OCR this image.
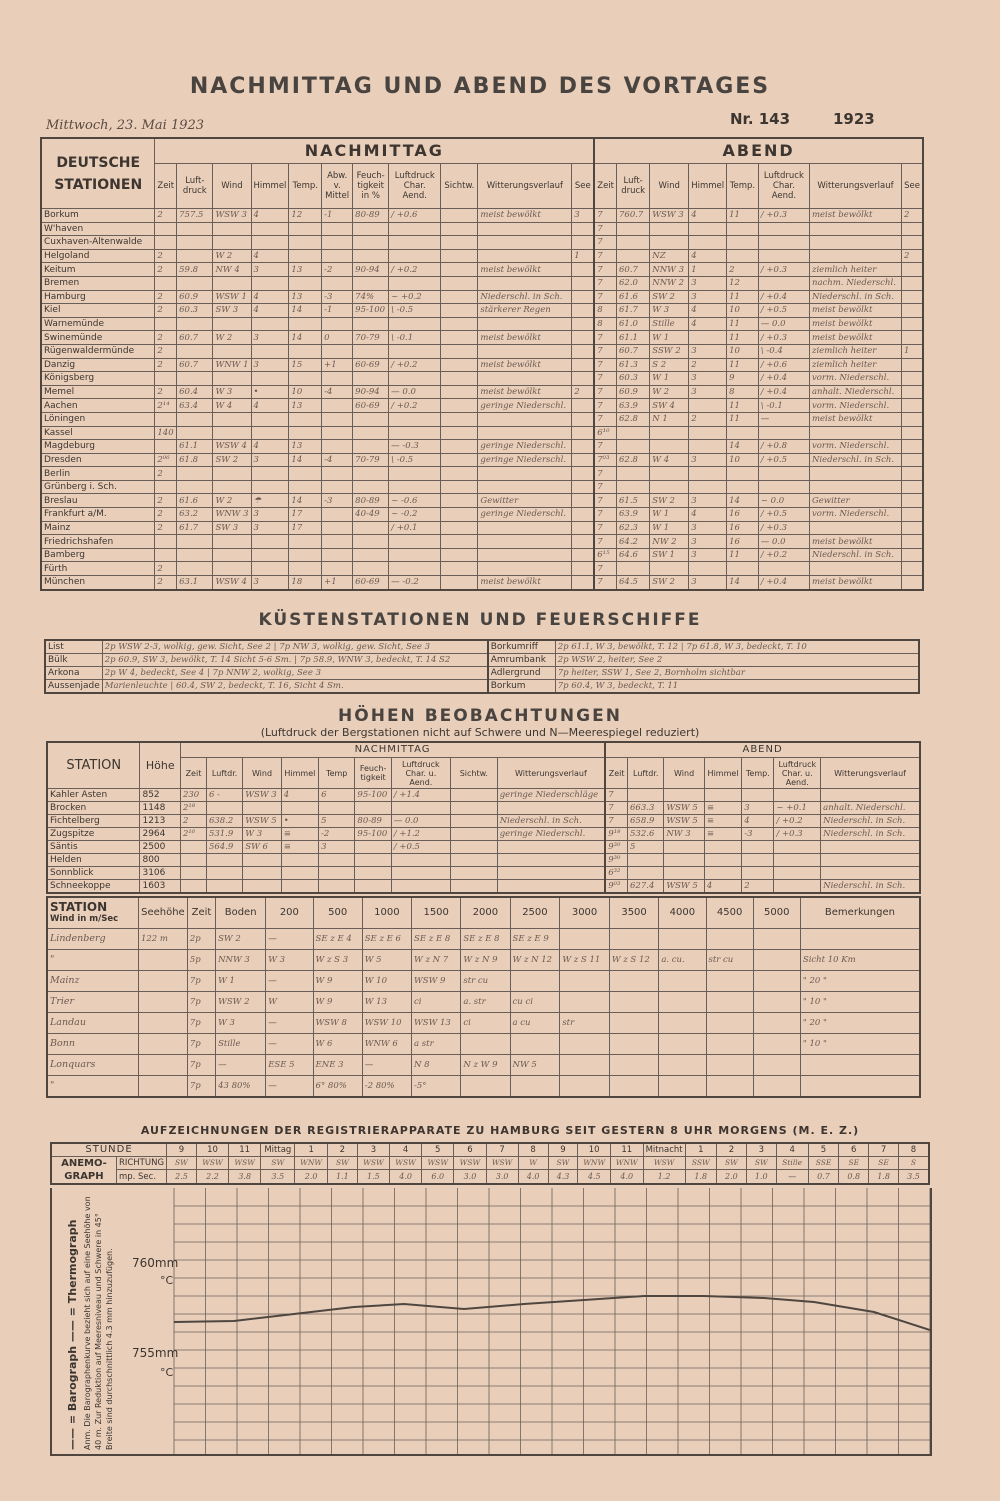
NACHMITTAG UND ABEND DES VORTAGES
Mittwoch, 23. Mai 1923	Nr. 143	1923
DEUTSCHE
STATIONEN	NACHMITTAG											ABEND							
	Zeit	Luft-druck	Wind	Himmel	Temp.	Abw. v. Mittel	Feuch-tigkeit in %	Luftdruck Char. Aend.	Sichtw.	Witterungsverlauf	See	Zeit	Luft-druck	Wind	Himmel	Temp.	Luftdruck Char. Aend.	Witterungsverlauf	See
Borkum	2	757.5	WSW 3	4	12	-1	80-89	/ +0.6		meist bewölkt	3	7	760.7	WSW 3	4	11	/ +0.3	meist bewölkt	2
W'haven												7							
Cuxhaven-Altenwalde												7							
Helgoland	2		W 2	4							1	7		NZ	4				2
Keitum	2	59.8	NW 4	3	13	-2	90-94	/ +0.2		meist bewölkt		7	60.7	NNW 3	1	2	/ +0.3	ziemlich heiter	
Bremen												7	62.0	NNW 2	3	12		nachm. Niederschl.	
Hamburg	2	60.9	WSW 1	4	13	-3	74%	~ +0.2		Niederschl. in Sch.		7	61.6	SW 2	3	11	/ +0.4	Niederschl. in Sch.	
Kiel	2	60.3	SW 3	4	14	-1	95-100	\ -0.5		stärkerer Regen		8	61.7	W 3	4	10	/ +0.5	meist bewölkt	
Warnemünde												8	61.0	Stille	4	11	— 0.0	meist bewölkt	
Swinemünde	2	60.7	W 2	3	14	0	70-79	\ -0.1		meist bewölkt		7	61.1	W 1		11	/ +0.3	meist bewölkt	
Rügenwaldermünde	2											7	60.7	SSW 2	3	10	\ -0.4	ziemlich heiter	1
Danzig	2	60.7	WNW 1	3	15	+1	60-69	/ +0.2		meist bewölkt		7	61.3	S 2	2	11	/ +0.6	ziemlich heiter	
Königsberg												7	60.3	W 1	3	9	/ +0.4	vorm. Niederschl.	
Memel	2	60.4	W 3	•	10	-4	90-94	— 0.0		meist bewölkt	2	7	60.9	W 2	3	8	/ +0.4	anhalt. Niederschl.	
Aachen	2¹⁴	63.4	W 4	4	13		60-69	/ +0.2		geringe Niederschl.		7	63.9	SW 4		11	\ -0.1	vorm. Niederschl.	
Löningen												7	62.8	N 1	2	11	—	meist bewölkt	
Kassel	140											6¹⁰							
Magdeburg		61.1	WSW 4	4	13			— -0.3		geringe Niederschl.		7				14	/ +0.8	vorm. Niederschl.	
Dresden	2⁰⁶	61.8	SW 2	3	14	-4	70-79	\ -0.5		geringe Niederschl.		7⁰³	62.8	W 4	3	10	/ +0.5	Niederschl. in Sch.	
Berlin	2											7							
Grünberg i. Sch.												7							
Breslau	2	61.6	W 2	☂	14	-3	80-89	~ -0.6		Gewitter		7	61.5	SW 2	3	14	~ 0.0	Gewitter	
Frankfurt a/M.	2	63.2	WNW 3	3	17		40-49	~ -0.2		geringe Niederschl.		7	63.9	W 1	4	16	/ +0.5	vorm. Niederschl.	
Mainz	2	61.7	SW 3	3	17			/ +0.1				7	62.3	W 1	3	16	/ +0.3		
Friedrichshafen												7	64.2	NW 2	3	16	— 0.0	meist bewölkt	
Bamberg												6¹⁵	64.6	SW 1	3	11	/ +0.2	Niederschl. in Sch.	
Fürth	2											7							
München	2	63.1	WSW 4	3	18	+1	60-69	— -0.2		meist bewölkt		7	64.5	SW 2	3	14	/ +0.4	meist bewölkt	
KÜSTENSTATIONEN UND FEUERSCHIFFE
List	2p WSW 2-3, wolkig, gew. Sicht, See 2 | 7p NW 3, wolkig, gew. Sicht, See 3	Borkumriff	2p 61.1, W 3, bewölkt, T. 12 | 7p 61.8, W 3, bedeckt, T. 10
Bülk	2p 60.9, SW 3, bewölkt, T. 14 Sicht 5-6 Sm. | 7p 58.9, WNW 3, bedeckt, T. 14 S2	Amrumbank	2p WSW 2, heiter, See 2
Arkona	2p W 4, bedeckt, See 4 | 7p NNW 2, wolkig, See 3	Adlergrund	7p heiter, SSW 1, See 2, Bornholm sichtbar
Aussenjade	Marienleuchte | 60.4, SW 2, bedeckt, T. 16, Sicht 4 Sm.	Borkum	7p 60.4, W 3, bedeckt, T. 11
HÖHEN BEOBACHTUNGEN
(Luftdruck der Bergstationen nicht auf Schwere und N—Meerespiegel reduziert)
STATION	Höhe	NACHMITTAG									ABEND						
		Zeit	Luftdr.	Wind	Himmel	Temp	Feuch-tigkeit	Luftdruck Char. u. Aend.	Sichtw.	Witterungsverlauf	Zeit	Luftdr.	Wind	Himmel	Temp.	Luftdruck Char. u. Aend.	Witterungsverlauf
Kahler Asten	852	230	6 -	WSW 3	4	6	95-100	/ +1.4		geringe Niederschläge	7						
Brocken	1148	2¹⁸									7	663.3	WSW 5	≡	3	~ +0.1	anhalt. Niederschl.
Fichtelberg	1213	2	638.2	WSW 5	•	5	80-89	— 0.0		Niederschl. in Sch.	7	658.9	WSW 5	≡	4	/ +0.2	Niederschl. in Sch.
Zugspitze	2964	2¹⁶	531.9	W 3	≡	-2	95-100	/ +1.2		geringe Niederschl.	9¹⁸	532.6	NW 3	≡	-3	/ +0.3	Niederschl. in Sch.
Säntis	2500		564.9	SW 6	≡	3		/ +0.5			9³⁰	5					
Helden	800										9³⁰						
Sonnblick	3106										6³²						
Schneekoppe	1603										9⁰³	627.4	WSW 5	4	2		Niederschl. in Sch.
STATION
Wind in m/Sec	Seehöhe	Zeit	Boden	200	500	1000	1500	2000	2500	3000	3500	4000	4500	5000	Bemerkungen
Lindenberg	122 m	2p	SW 2	—	SE z E 4	SE z E 6	SE z E 8	SE z E 8	SE z E 9						
"		5p	NNW 3	W 3	W z S 3	W 5	W z N 7	W z N 9	W z N 12	W z S 11	W z S 12	a. cu.	str cu		Sicht 10 Km
Mainz		7p	W 1	—	W 9	W 10	WSW 9	str cu							" 20 "
Trier		7p	WSW 2	W	W 9	W 13	ci	a. str	cu ci						" 10 "
Landau		7p	W 3	—	WSW 8	WSW 10	WSW 13	ci	a cu	str					" 20 "
Bonn		7p	Stille	—	W 6	WNW 6	a str								" 10 "
Lonquars		7p	—	ESE 5	ENE 3	—	N 8	N z W 9	NW 5						
"		7p	43 80%	—	6° 80%	-2 80%	-5°								
AUFZEICHNUNGEN DER REGISTRIERAPPARATE ZU HAMBURG SEIT GESTERN 8 UHR MORGENS (M. E. Z.)
STUNDE		9	10	11	Mittag	1	2	3	4	5	6	7	8	9	10	11	Mitnacht	1	2	3	4	5	6	7	8

ANEMO-
GRAPH	RICHTUNG	SW	WSW	WSW	SW	WNW	SW	WSW	WSW	WSW	WSW	WSW	W	SW	WNW	WNW	WSW	SSW	SW	SW	Stille	SSE	SE	SE	S
	mp. Sec.	2.5	2.2	3.8	3.5	2.0	1.1	1.5	4.0	6.0	3.0	3.0	4.0	4.3	4.5	4.0	1.2	1.8	2.0	1.0	—	0.7	0.8	1.8	3.5
760mm
°C
755mm
°C
—— = Barograph —— = Thermograph Anm. Die Barographenkurve bezieht sich auf eine Seehöhe von 40 m. Zur Reduktion auf Meeresniveau und Schwere in 45° Breite sind durchschnittlich 4.3 mm hinzuzufügen.
